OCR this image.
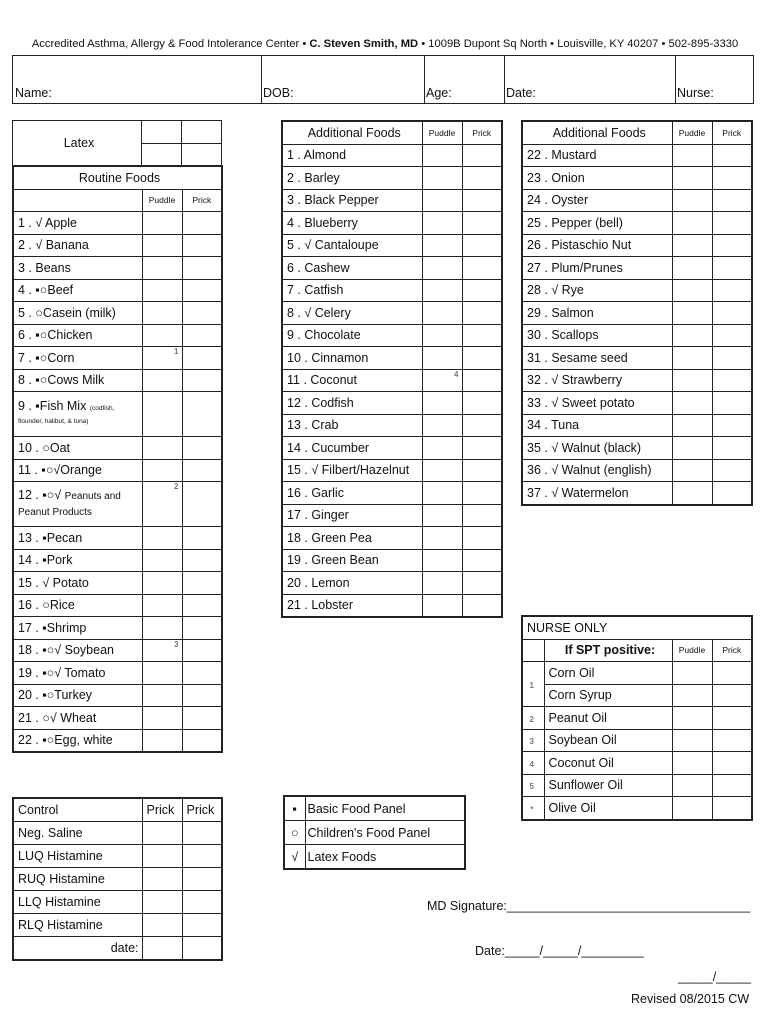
Accredited Asthma, Allergy & Food Intolerance Center • C. Steven Smith, MD • 1009B Dupont Sq North • Louisville, KY 40207 • 502-895-3330
Name:	DOB:	Age:	Date:	Nurse:
Latex		

Routine Foods		
	Puddle	Prick
1 . √ Apple		
2 . √ Banana		
3 . Beans		
4 . ▪○Beef		
5 . ○Casein (milk)		
6 . ▪○Chicken		
7 . ▪○Corn	1	

8 . ▪○Cows Milk		
9 . ▪Fish Mix (codfish,
flounder, halibut, & tuna)		
10 . ○Oat		
11 . ▪○√Orange		
12 . ▪○√ Peanuts and
Peanut Products	2	

13 . ▪Pecan		
14 . ▪Pork		
15 . √ Potato		
16 . ○Rice		
17 . ▪Shrimp		
18 . ▪○√ Soybean	3	

19 . ▪○√ Tomato		
20 . ▪○Turkey		
21 . ○√ Wheat		
22 . ▪○Egg, white		
Additional Foods	Puddle	Prick
1 . Almond		
2 . Barley		
3 . Black Pepper		
4 . Blueberry		
5 . √ Cantaloupe		
6 . Cashew		
7 . Catfish		
8 . √ Celery		
9 . Chocolate		
10 . Cinnamon		
11 . Coconut	4	

12 . Codfish		
13 . Crab		
14 . Cucumber		
15 . √ Filbert/Hazelnut		
16 . Garlic		
17 . Ginger		
18 . Green Pea		
19 . Green Bean		
20 . Lemon		
21 . Lobster		
Additional Foods	Puddle	Prick
22 . Mustard		
23 . Onion		
24 . Oyster		
25 . Pepper (bell)		
26 . Pistaschio Nut		
27 . Plum/Prunes		
28 . √ Rye		
29 . Salmon		
30 . Scallops		
31 . Sesame seed		
32 . √ Strawberry		
33 . √ Sweet potato		
34 . Tuna		
35 . √ Walnut (black)		
36 . √ Walnut (english)		
37 . √ Watermelon		
NURSE ONLY			
	If SPT positive:	Puddle	Prick
1	Corn Oil		
	Corn Syrup		
2	Peanut Oil		
3	Soybean Oil		
4	Coconut Oil		
5	Sunflower Oil		
*	Olive Oil		
Control	Prick	Prick
Neg. Saline		
LUQ Histamine		
RUQ Histamine		
LLQ Histamine		
RLQ Histamine		
date:		
▪	Basic Food Panel
○	Children's Food Panel
√	Latex Foods
MD Signature:___________________________________
Date:_____/_____/_________
_____/_____
Revised 08/2015 CW
